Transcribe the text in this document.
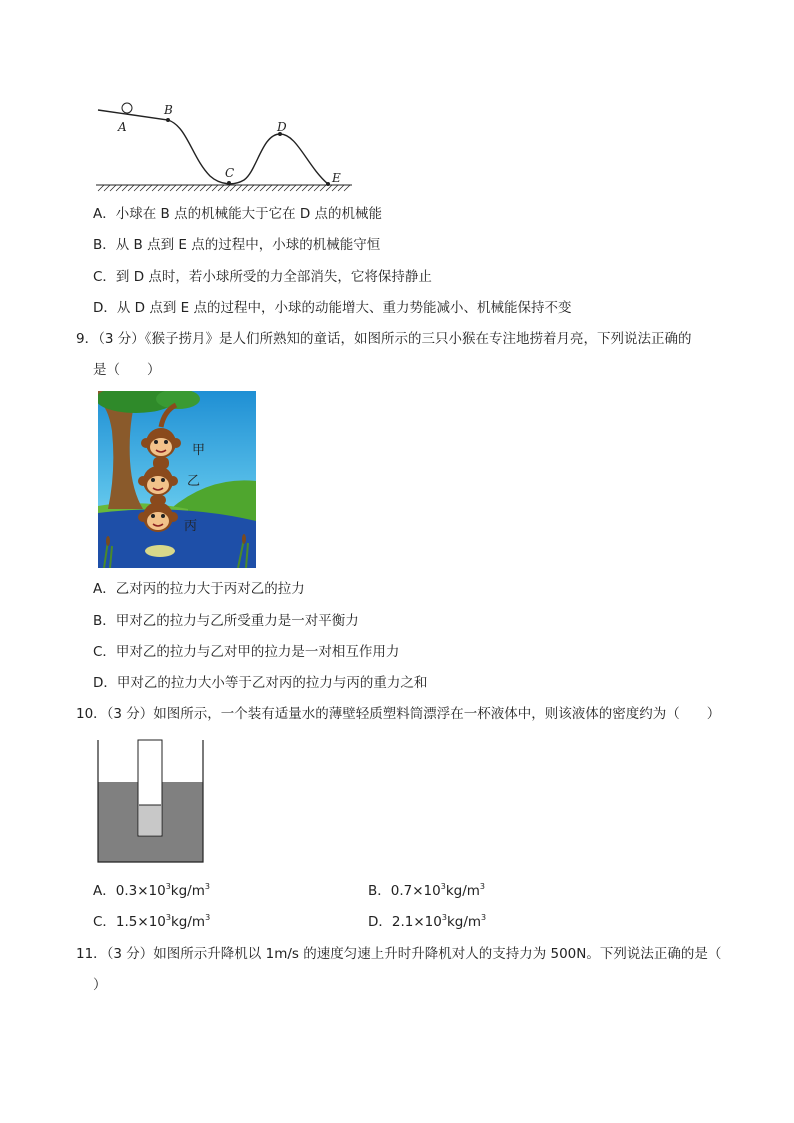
A
B
C
D
E
A．小球在 B 点的机械能大于它在 D 点的机械能
B．从 B 点到 E 点的过程中，小球的机械能守恒
C．到 D 点时，若小球所受的力全部消失，它将保持静止
D．从 D 点到 E 点的过程中，小球的动能增大、重力势能减小、机械能保持不变
9．（3 分）《猴子捞月》是人们所熟知的童话，如图所示的三只小猴在专注地捞着月亮，下列说法正确的
是（　　）
甲
乙
丙
A．乙对丙的拉力大于丙对乙的拉力
B．甲对乙的拉力与乙所受重力是一对平衡力
C．甲对乙的拉力与乙对甲的拉力是一对相互作用力
D．甲对乙的拉力大小等于乙对丙的拉力与丙的重力之和
10．（3 分）如图所示，一个装有适量水的薄壁轻质塑料筒漂浮在一杯液体中，则该液体的密度约为（　　）
A．$0.3\times 10^3kg/m^3$	B．$0.7\times 10^3kg/m^3$
C．$1.5\times 10^3kg/m^3$	D．$2.1\times 10^3kg/m^3$
11．（3 分）如图所示升降机以 1m/s 的速度匀速上升时升降机对人的支持力为 500N。下列说法正确的是（
）
